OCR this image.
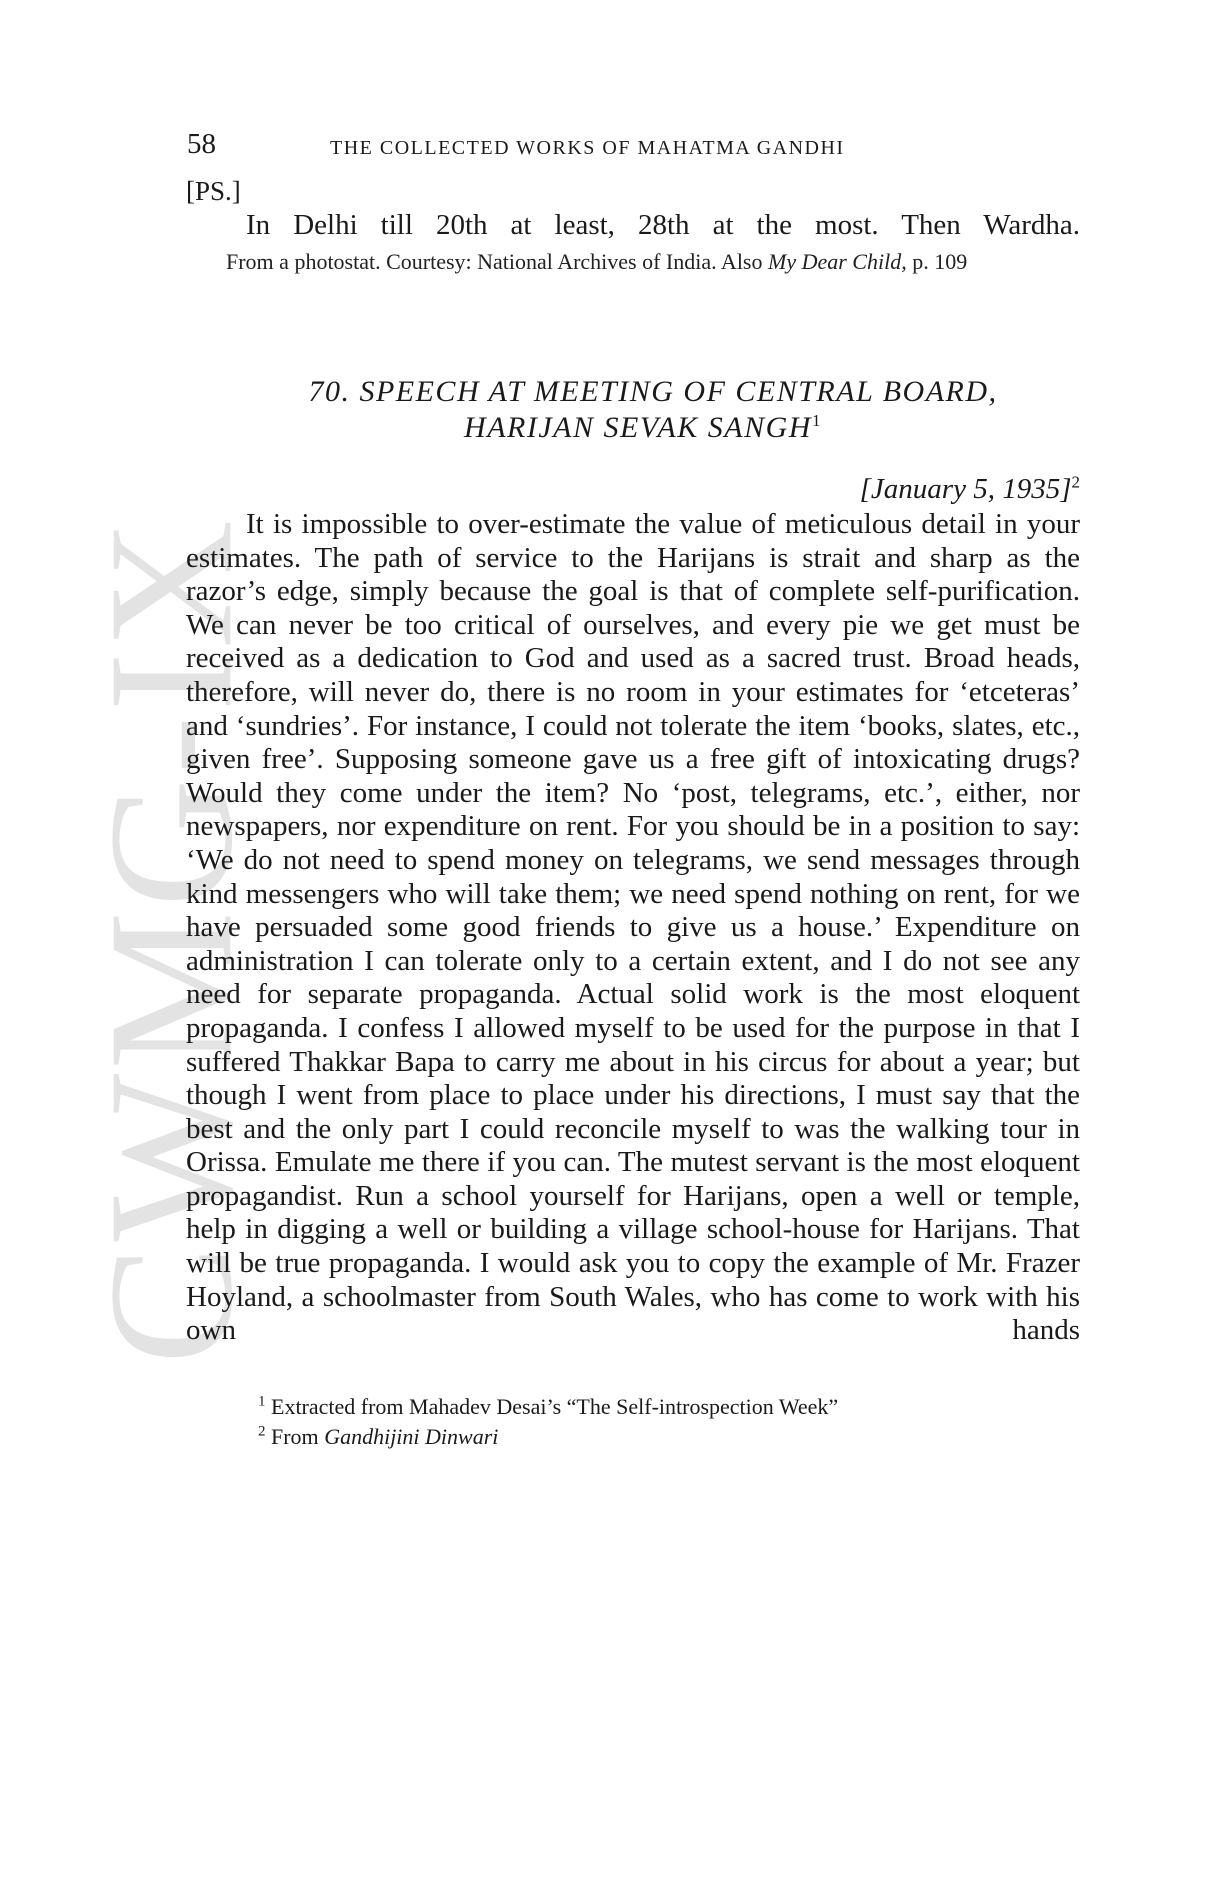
CWMG-IX
58	THE COLLECTED WORKS OF MAHATMA GANDHI

[PS.]

In Delhi till 20th at least, 28th at the most. Then Wardha.

From a photostat. Courtesy: National Archives of India. Also My Dear Child, p. 109

70. SPEECH AT MEETING OF CENTRAL BOARD,
HARIJAN SEVAK SANGH$^1$

[January 5, 1935]$^2$

It is impossible to over-estimate the value of meticulous detail in your estimates. The path of service to the Harijans is strait and sharp as the razor’s edge, simply because the goal is that of complete self-purification. We can never be too critical of ourselves, and every pie we get must be received as a dedication to God and used as a sacred trust. Broad heads, therefore, will never do, there is no room in your estimates for ‘etceteras’ and ‘sundries’. For instance, I could not tolerate the item ‘books, slates, etc., given free’. Supposing someone gave us a free gift of intoxicating drugs? Would they come under the item? No ‘post, telegrams, etc.’, either, nor newspapers, nor expenditure on rent. For you should be in a position to say: ‘We do not need to spend money on telegrams, we send messages through kind messengers who will take them; we need spend nothing on rent, for we have persuaded some good friends to give us a house.’ Expenditure on administration I can tolerate only to a certain extent, and I do not see any need for separate propaganda. Actual solid work is the most eloquent propaganda. I confess I allowed myself to be used for the purpose in that I suffered Thakkar Bapa to carry me about in his circus for about a year; but though I went from place to place under his directions, I must say that the best and the only part I could reconcile myself to was the walking tour in Orissa. Emulate me there if you can. The mutest servant is the most eloquent propagandist. Run a school yourself for Harijans, open a well or temple, help in digging a well or building a village school-house for Harijans. That will be true propaganda. I would ask you to copy the example of Mr. Frazer Hoyland, a schoolmaster from South Wales, who has come to work with his own hands

$^1$ Extracted from Mahadev Desai’s “The Self-introspection Week”

$^2$ From Gandhijini Dinwari
